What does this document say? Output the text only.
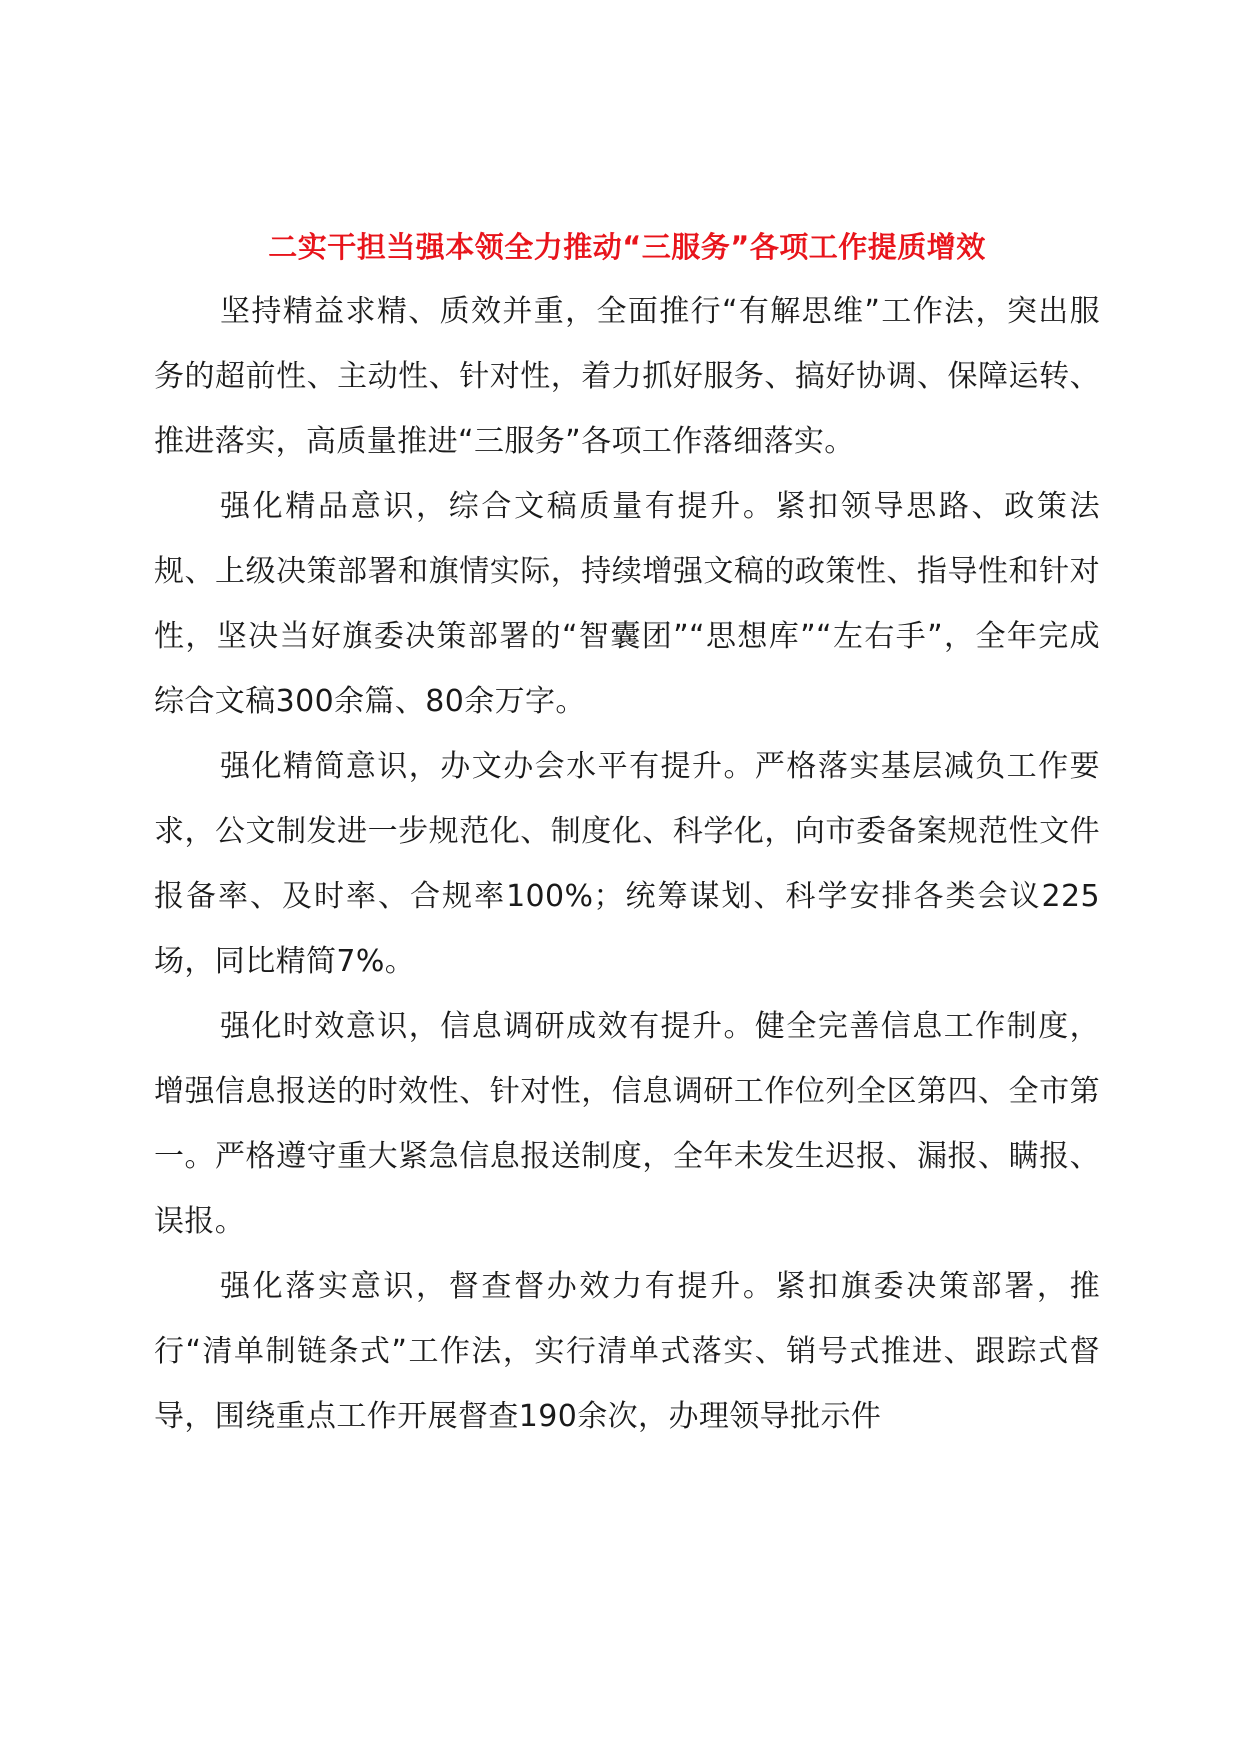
二实干担当强本领全力推动“三服务”各项工作提质增效

坚持精益求精、质效并重，全面推行“有解思维”工作法，突出服务的超前性、主动性、针对性，着力抓好服务、搞好协调、保障运转、推进落实，高质量推进“三服务”各项工作落细落实。

强化精品意识，综合文稿质量有提升。紧扣领导思路、政策法规、上级决策部署和旗情实际，持续增强文稿的政策性、指导性和针对性，坚决当好旗委决策部署的“智囊团”“思想库”“左右手”，全年完成综合文稿300余篇、80余万字。

强化精简意识，办文办会水平有提升。严格落实基层减负工作要求，公文制发进一步规范化、制度化、科学化，向市委备案规范性文件报备率、及时率、合规率100%；统筹谋划、科学安排各类会议225场，同比精简7%。

强化时效意识，信息调研成效有提升。健全完善信息工作制度，增强信息报送的时效性、针对性，信息调研工作位列全区第四、全市第一。严格遵守重大紧急信息报送制度，全年未发生迟报、漏报、瞒报、误报。

强化落实意识，督查督办效力有提升。紧扣旗委决策部署，推行“清单制链条式”工作法，实行清单式落实、销号式推进、跟踪式督导，围绕重点工作开展督查190余次，办理领导批示件
